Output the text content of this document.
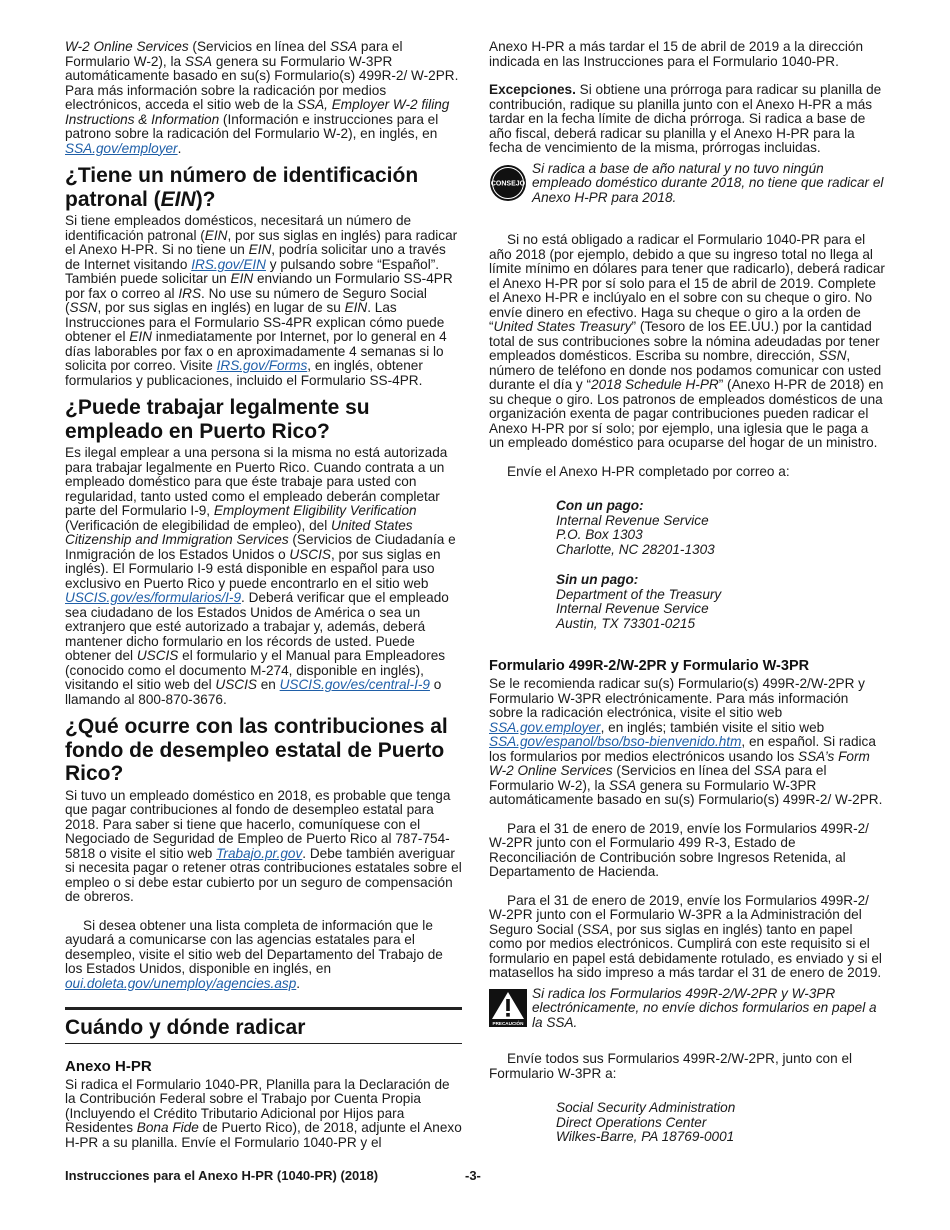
W-2 Online Services (Servicios en línea del SSA para el Formulario W-2), la SSA genera su Formulario W-3PR automáticamente basado en su(s) Formulario(s) 499R-2/ W-2PR. Para más información sobre la radicación por medios electrónicos, acceda el sitio web de la SSA, Employer W-2 filing Instructions & Information (Información e instrucciones para el patrono sobre la radicación del Formulario W-2), en inglés, en SSA.gov/employer.

¿Tiene un número de identificación patronal (EIN)?

Si tiene empleados domésticos, necesitará un número de identificación patronal (EIN, por sus siglas en inglés) para radicar el Anexo H-PR. Si no tiene un EIN, podría solicitar uno a través de Internet visitando IRS.gov/EIN y pulsando sobre “Español”. También puede solicitar un EIN enviando un Formulario SS-4PR por fax o correo al IRS. No use su número de Seguro Social (SSN, por sus siglas en inglés) en lugar de su EIN. Las Instrucciones para el Formulario SS-4PR explican cómo puede obtener el EIN inmediatamente por Internet, por lo general en 4 días laborables por fax o en aproximadamente 4 semanas si lo solicita por correo. Visite IRS.gov/Forms, en inglés, obtener formularios y publicaciones, incluido el Formulario SS-4PR.

¿Puede trabajar legalmente su empleado en Puerto Rico?

Es ilegal emplear a una persona si la misma no está autorizada para trabajar legalmente en Puerto Rico. Cuando contrata a un empleado doméstico para que éste trabaje para usted con regularidad, tanto usted como el empleado deberán completar parte del Formulario I-9, Employment Eligibility Verification (Verificación de elegibilidad de empleo), del United States Citizenship and Immigration Services (Servicios de Ciudadanía e Inmigración de los Estados Unidos o USCIS, por sus siglas en inglés). El Formulario I-9 está disponible en español para uso exclusivo en Puerto Rico y puede encontrarlo en el sitio web USCIS.gov/es/formularios/I-9. Deberá verificar que el empleado sea ciudadano de los Estados Unidos de América o sea un extranjero que esté autorizado a trabajar y, además, deberá mantener dicho formulario en los récords de usted. Puede obtener del USCIS el formulario y el Manual para Empleadores (conocido como el documento M-274, disponible en inglés), visitando el sitio web del USCIS en USCIS.gov/es/central-I-9 o llamando al 800-870-3676.

¿Qué ocurre con las contribuciones al fondo de desempleo estatal de Puerto Rico?

Si tuvo un empleado doméstico en 2018, es probable que tenga que pagar contribuciones al fondo de desempleo estatal para 2018. Para saber si tiene que hacerlo, comuníquese con el Negociado de Seguridad de Empleo de Puerto Rico al 787-754-5818 o visite el sitio web Trabajo.pr.gov. Debe también averiguar si necesita pagar o retener otras contribuciones estatales sobre el empleo o si debe estar cubierto por un seguro de compensación de obreros.

Si desea obtener una lista completa de información que le ayudará a comunicarse con las agencias estatales para el desempleo, visite el sitio web del Departamento del Trabajo de los Estados Unidos, disponible en inglés, en oui.doleta.gov/unemploy/agencies.asp.

Cuándo y dónde radicar
Anexo H-PR

Si radica el Formulario 1040-PR, Planilla para la Declaración de la Contribución Federal sobre el Trabajo por Cuenta Propia (Incluyendo el Crédito Tributario Adicional por Hijos para Residentes Bona Fide de Puerto Rico), de 2018, adjunte el Anexo H-PR a su planilla. Envíe el Formulario 1040-PR y el

Anexo H-PR a más tardar el 15 de abril de 2019 a la dirección indicada en las Instrucciones para el Formulario 1040-PR.

Excepciones. Si obtiene una prórroga para radicar su planilla de contribución, radique su planilla junto con el Anexo H-PR a más tardar en la fecha límite de dicha prórroga. Si radica a base de año fiscal, deberá radicar su planilla y el Anexo H-PR para la fecha de vencimiento de la misma, prórrogas incluidas.

CONSEJO
Si radica a base de año natural y no tuvo ningún empleado doméstico durante 2018, no tiene que radicar el Anexo H-PR para 2018.

Si no está obligado a radicar el Formulario 1040-PR para el año 2018 (por ejemplo, debido a que su ingreso total no llega al límite mínimo en dólares para tener que radicarlo), deberá radicar el Anexo H-PR por sí solo para el 15 de abril de 2019. Complete el Anexo H-PR e inclúyalo en el sobre con su cheque o giro. No envíe dinero en efectivo. Haga su cheque o giro a la orden de “United States Treasury” (Tesoro de los EE.UU.) por la cantidad total de sus contribuciones sobre la nómina adeudadas por tener empleados domésticos. Escriba su nombre, dirección, SSN, número de teléfono en donde nos podamos comunicar con usted durante el día y “2018 Schedule H-PR” (Anexo H-PR de 2018) en su cheque o giro. Los patronos de empleados domésticos de una organización exenta de pagar contribuciones pueden radicar el Anexo H-PR por sí solo; por ejemplo, una iglesia que le paga a un empleado doméstico para ocuparse del hogar de un ministro.

Envíe el Anexo H-PR completado por correo a:

Con un pago:
Internal Revenue Service
P.O. Box 1303
Charlotte, NC 28201-1303
Sin un pago:
Department of the Treasury
Internal Revenue Service
Austin, TX 73301-0215
Formulario 499R-2/W-2PR y Formulario W-3PR

Se le recomienda radicar su(s) Formulario(s) 499R-2/W-2PR y Formulario W-3PR electrónicamente. Para más información sobre la radicación electrónica, visite el sitio web SSA.gov.employer, en inglés; también visite el sitio web SSA.gov/espanol/bso/bso-bienvenido.htm, en español. Si radica los formularios por medios electrónicos usando los SSA’s Form W-2 Online Services (Servicios en línea del SSA para el Formulario W-2), la SSA genera su Formulario W-3PR automáticamente basado en su(s) Formulario(s) 499R-2/ W-2PR.

Para el 31 de enero de 2019, envíe los Formularios 499R-2/ W-2PR junto con el Formulario 499 R-3, Estado de Reconciliación de Contribución sobre Ingresos Retenida, al Departamento de Hacienda.

Para el 31 de enero de 2019, envíe los Formularios 499R-2/ W-2PR junto con el Formulario W-3PR a la Administración del Seguro Social (SSA, por sus siglas en inglés) tanto en papel como por medios electrónicos. Cumplirá con este requisito si el formulario en papel está debidamente rotulado, es enviado y si el matasellos ha sido impreso a más tardar el 31 de enero de 2019.

PRECAUCIÓN
Si radica los Formularios 499R-2/W-2PR y W-3PR electrónicamente, no envíe dichos formularios en papel a la SSA.

Envíe todos sus Formularios 499R-2/W-2PR, junto con el Formulario W-3PR a:

Social Security Administration
Direct Operations Center
Wilkes-Barre, PA 18769-0001
Instrucciones para el Anexo H-PR (1040-PR) (2018)	-3-
